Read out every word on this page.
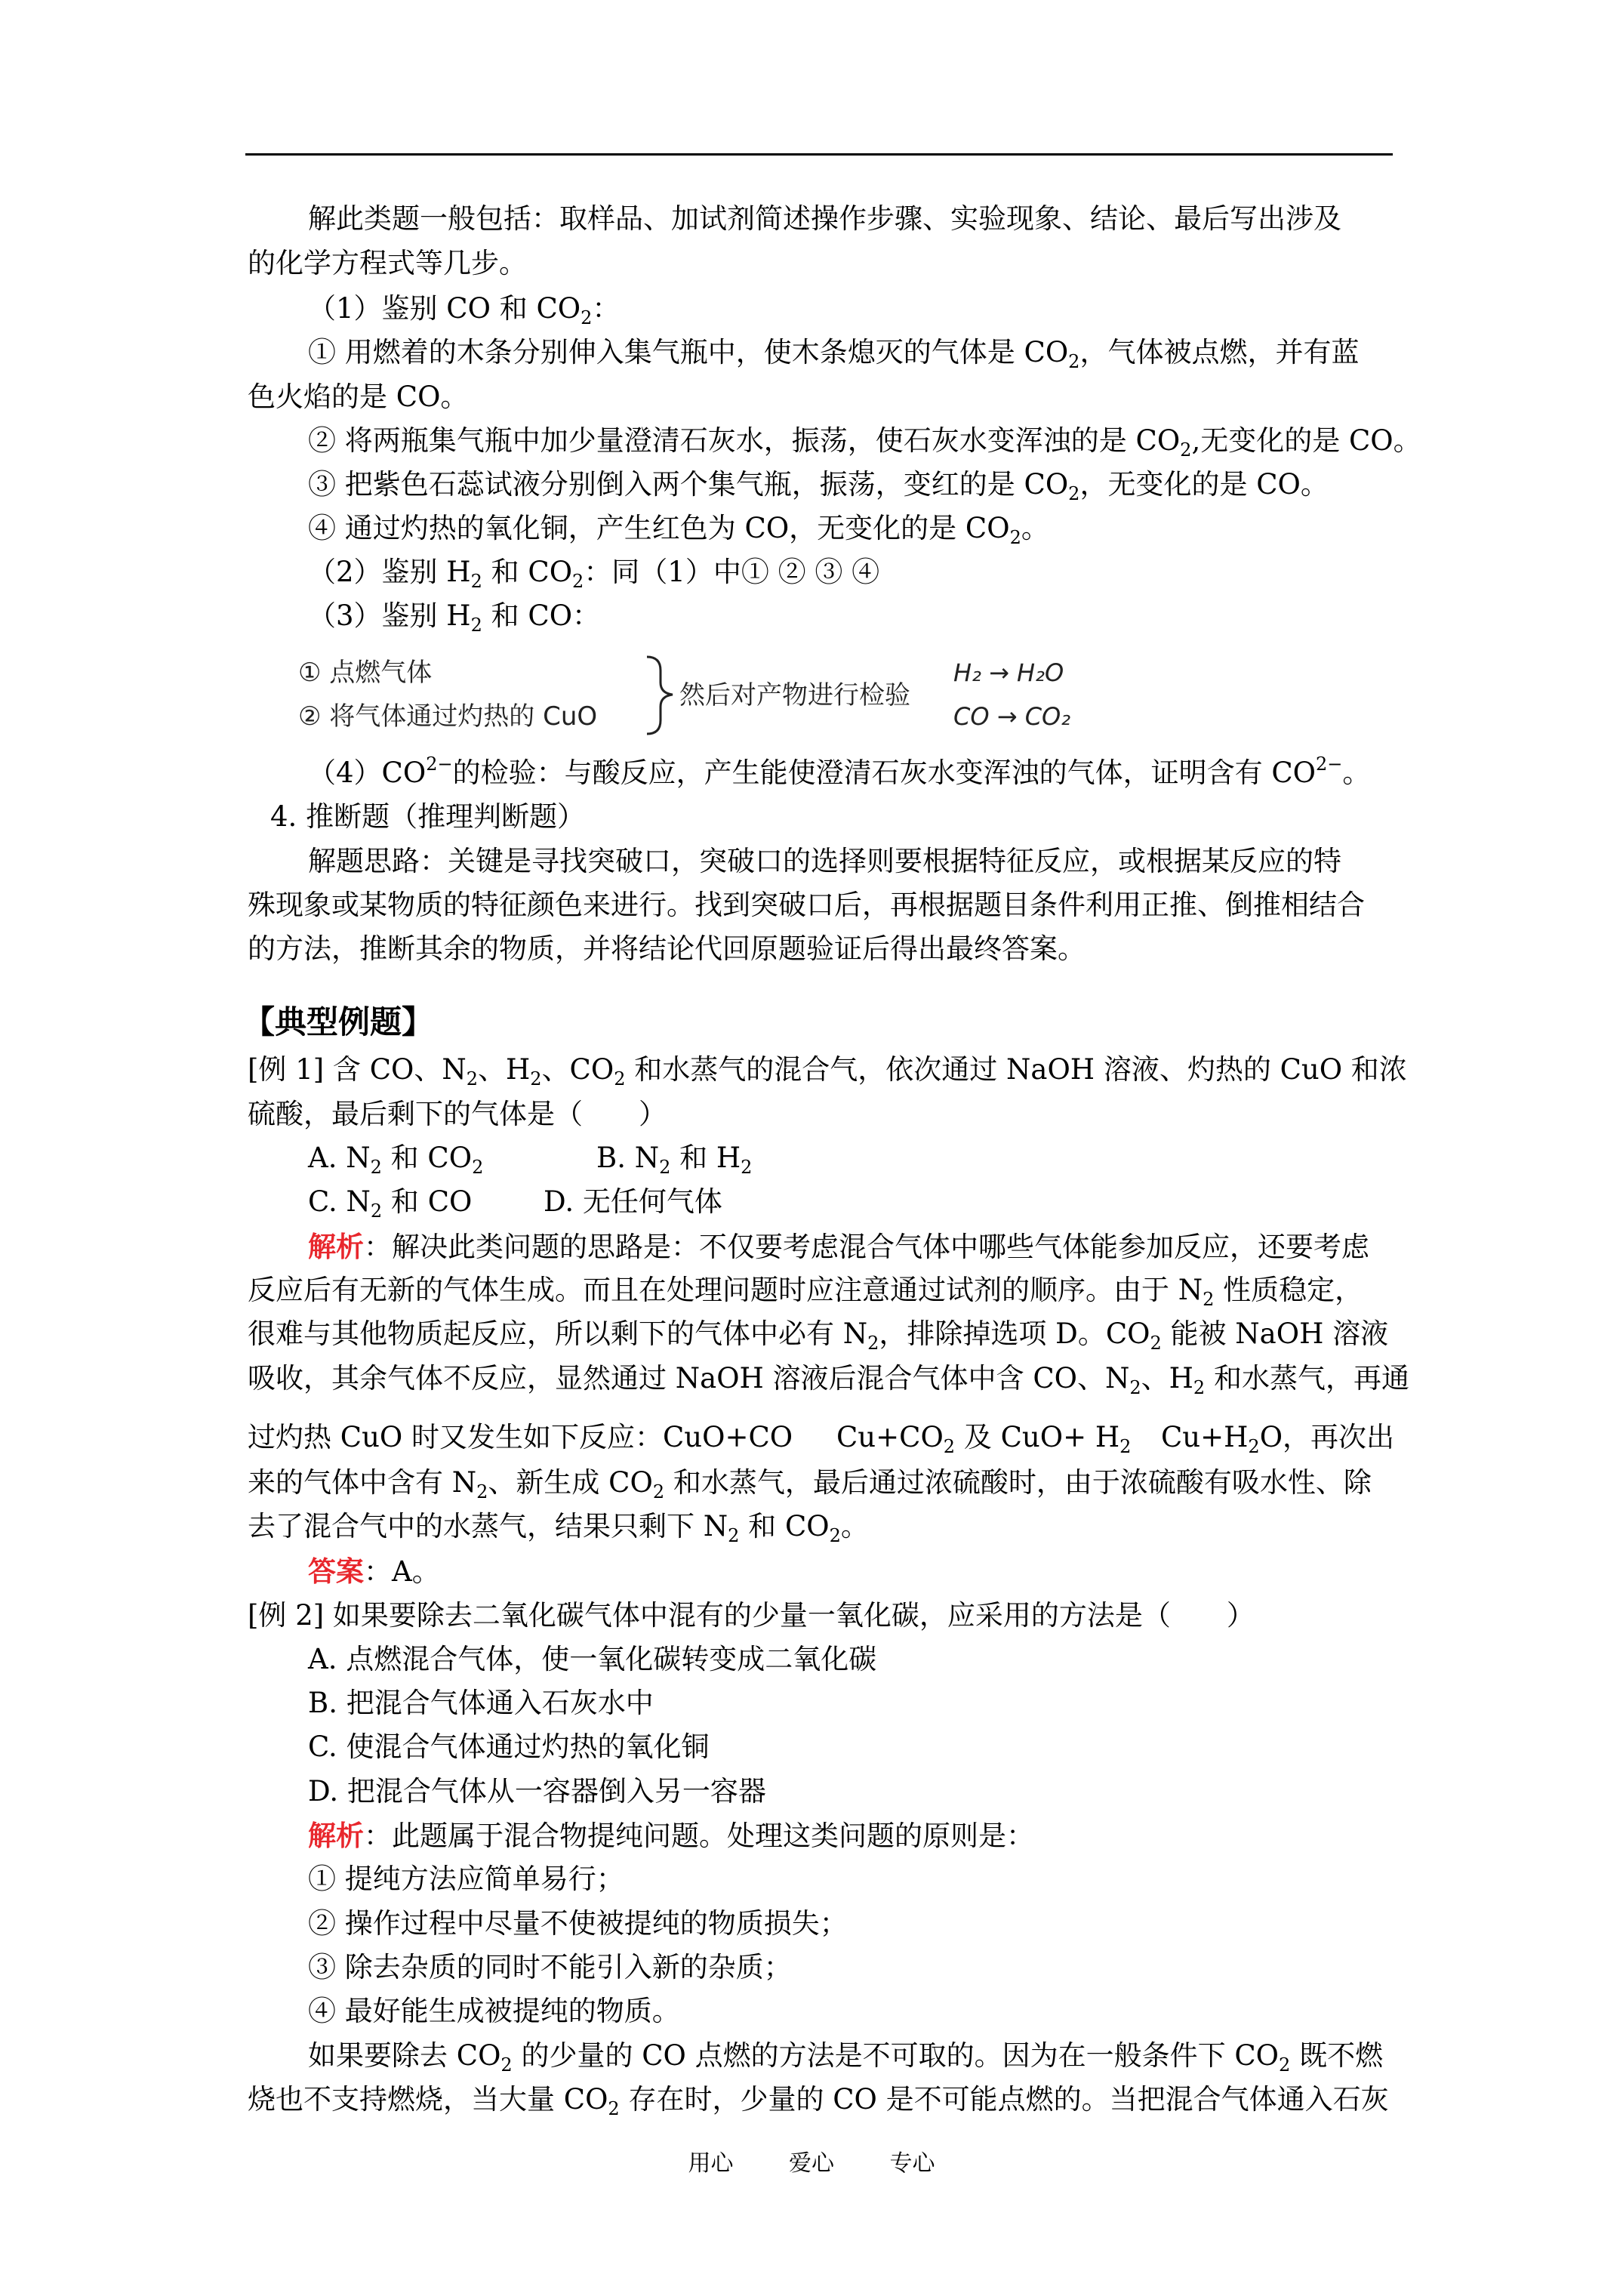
解此类题一般包括：取样品、加试剂简述操作步骤、实验现象、结论、最后写出涉及
的化学方程式等几步。
（1）鉴别 CO 和 $CO_2$：
① 用燃着的木条分别伸入集气瓶中，使木条熄灭的气体是 $CO_2$，气体被点燃，并有蓝
色火焰的是 CO。
② 将两瓶集气瓶中加少量澄清石灰水，振荡，使石灰水变浑浊的是 $CO_2$,无变化的是 CO。
③ 把紫色石蕊试液分别倒入两个集气瓶，振荡，变红的是 $CO_2$，无变化的是 CO。
④ 通过灼热的氧化铜，产生红色为 CO，无变化的是 $CO_2$。
（2）鉴别 $H_2$ 和 $CO_2$：同（1）中① ② ③ ④
（3）鉴别 $H_2$ 和 CO：
① 点燃气体
② 将气体通过灼热的 CuO
然后对产物进行检验
H₂ → H₂O
CO → CO₂
$(4)CO^{2-}$的检验：与酸反应，产生能使澄清石灰水变浑浊的气体，证明含有 $CO^{2-}$。
4. 推断题（推理判断题）
解题思路：关键是寻找突破口，突破口的选择则要根据特征反应，或根据某反应的特
殊现象或某物质的特征颜色来进行。找到突破口后，再根据题目条件利用正推、倒推相结合
的方法，推断其余的物质，并将结论代回原题验证后得出最终答案。
【典型例题】
[例 1] 含 CO、$N_2$、$H_2$、$CO_2$ 和水蒸气的混合气，依次通过 NaOH 溶液、灼热的 CuO 和浓
硫酸，最后剩下的气体是（　　）
A. $N_2$ 和 $CO_2$	B. $N_2$ 和 $H_2$
C. $N_2$ 和 CO	D. 无任何气体
解析：解决此类问题的思路是：不仅要考虑混合气体中哪些气体能参加反应，还要考虑
反应后有无新的气体生成。而且在处理问题时应注意通过试剂的顺序。由于 $N_2$ 性质稳定，
很难与其他物质起反应，所以剩下的气体中必有 $N_2$，排除掉选项 D。$CO_2$ 能被 NaOH 溶液
吸收，其余气体不反应，显然通过 NaOH 溶液后混合气体中含 CO、$N_2$、$H_2$ 和水蒸气，再通
过灼热 CuO 时又发生如下反应：CuO+CO $Cu+CO_2$ 及 $CuO+ H_2$ $Cu+H_2O$，再次出
来的气体中含有 $N_2$、新生成 $CO_2$ 和水蒸气，最后通过浓硫酸时，由于浓硫酸有吸水性、除
去了混合气中的水蒸气，结果只剩下 $N_2$ 和 $CO_2$。
答案：A。
[例 2] 如果要除去二氧化碳气体中混有的少量一氧化碳，应采用的方法是（　　）
A. 点燃混合气体，使一氧化碳转变成二氧化碳
B. 把混合气体通入石灰水中
C. 使混合气体通过灼热的氧化铜
D. 把混合气体从一容器倒入另一容器
解析：此题属于混合物提纯问题。处理这类问题的原则是：
① 提纯方法应简单易行；
② 操作过程中尽量不使被提纯的物质损失；
③ 除去杂质的同时不能引入新的杂质；
④ 最好能生成被提纯的物质。
如果要除去 $CO_2$ 的少量的 CO 点燃的方法是不可取的。因为在一般条件下 $CO_2$ 既不燃
烧也不支持燃烧，当大量 $CO_2$ 存在时，少量的 CO 是不可能点燃的。当把混合气体通入石灰
用心 爱心 专心
